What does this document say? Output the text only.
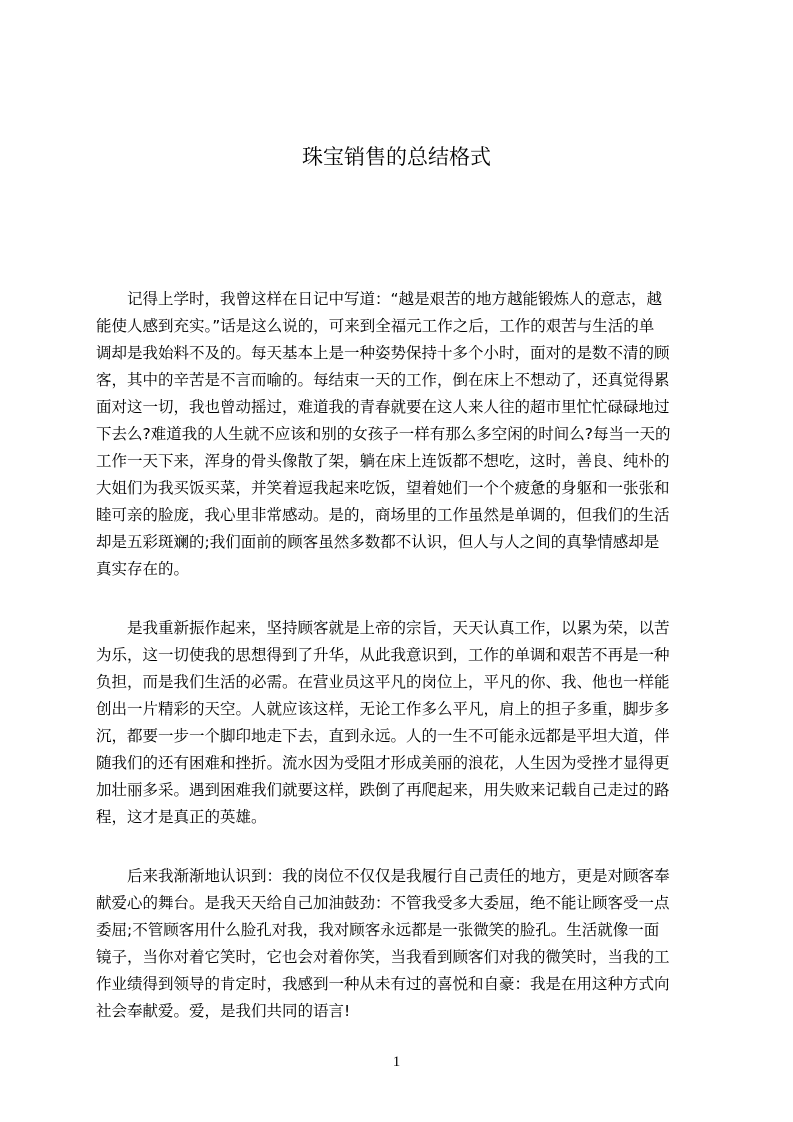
珠宝销售的总结格式

　　记得上学时，我曾这样在日记中写道：“越是艰苦的地方越能锻炼人的意志，越
能使人感到充实。”话是这么说的，可来到全福元工作之后，工作的艰苦与生活的单
调却是我始料不及的。每天基本上是一种姿势保持十多个小时，面对的是数不清的顾
客，其中的辛苦是不言而喻的。每结束一天的工作，倒在床上不想动了，还真觉得累
面对这一切，我也曾动摇过，难道我的青春就要在这人来人往的超市里忙忙碌碌地过
下去么?难道我的人生就不应该和别的女孩子一样有那么多空闲的时间么?每当一天的
工作一天下来，浑身的骨头像散了架，躺在床上连饭都不想吃，这时，善良、纯朴的
大姐们为我买饭买菜，并笑着逗我起来吃饭，望着她们一个个疲惫的身躯和一张张和
睦可亲的脸庞，我心里非常感动。是的，商场里的工作虽然是单调的，但我们的生活
却是五彩斑斓的;我们面前的顾客虽然多数都不认识，但人与人之间的真挚情感却是
真实存在的。

　　是我重新振作起来，坚持顾客就是上帝的宗旨，天天认真工作，以累为荣，以苦
为乐，这一切使我的思想得到了升华，从此我意识到，工作的单调和艰苦不再是一种
负担，而是我们生活的必需。在营业员这平凡的岗位上，平凡的你、我、他也一样能
创出一片精彩的天空。人就应该这样，无论工作多么平凡，肩上的担子多重，脚步多
沉，都要一步一个脚印地走下去，直到永远。人的一生不可能永远都是平坦大道，伴
随我们的还有困难和挫折。流水因为受阻才形成美丽的浪花，人生因为受挫才显得更
加壮丽多采。遇到困难我们就要这样，跌倒了再爬起来，用失败来记载自己走过的路
程，这才是真正的英雄。

　　后来我渐渐地认识到：我的岗位不仅仅是我履行自己责任的地方，更是对顾客奉
献爱心的舞台。是我天天给自己加油鼓劲：不管我受多大委屈，绝不能让顾客受一点
委屈;不管顾客用什么脸孔对我，我对顾客永远都是一张微笑的脸孔。生活就像一面
镜子，当你对着它笑时，它也会对着你笑，当我看到顾客们对我的微笑时，当我的工
作业绩得到领导的肯定时，我感到一种从未有过的喜悦和自豪：我是在用这种方式向
社会奉献爱。爱，是我们共同的语言!

1
